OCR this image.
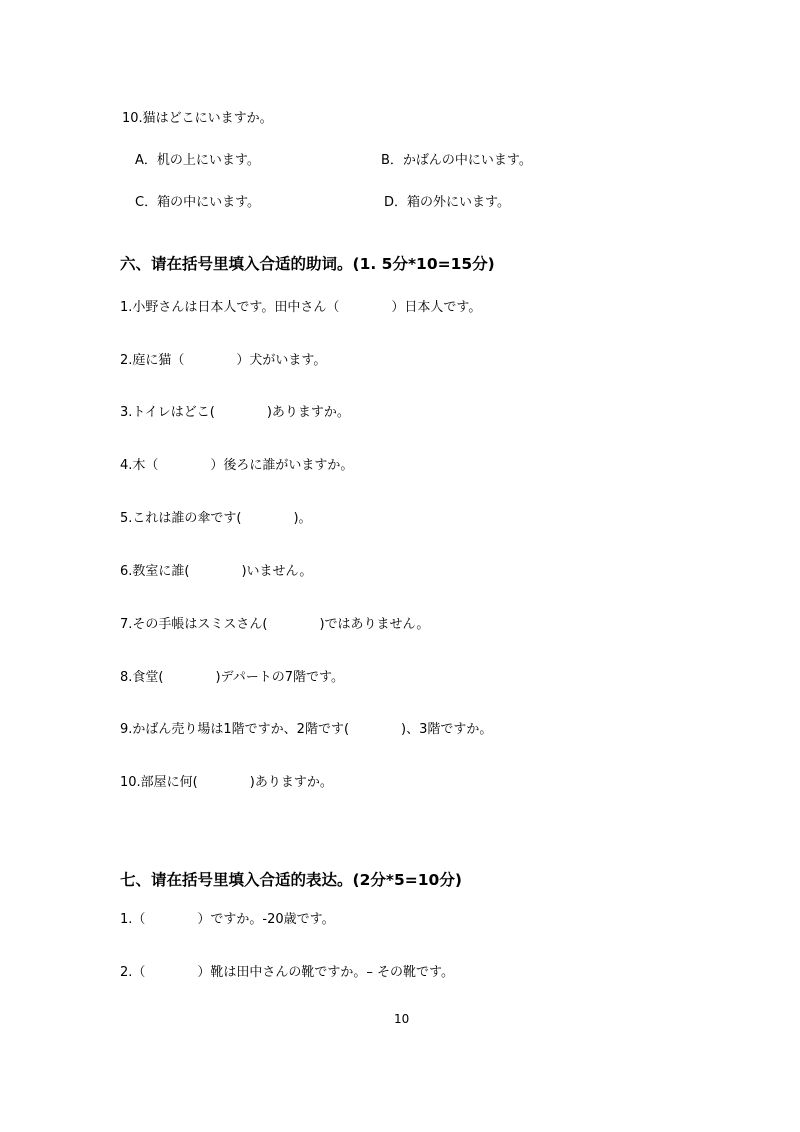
10.猫はどこにいますか。
A．机の上にいます。	B．かばんの中にいます。
C．箱の中にいます。	D．箱の外にいます。
六、请在括号里填入合适的助词。(1. 5分*10=15分)
1.小野さんは日本人です。田中さん（　　　　）日本人です。
2.庭に猫（　　　　）犬がいます。
3.トイレはどこ(　　　　)ありますか。
4.木（　　　　）後ろに誰がいますか。
5.これは誰の傘です(　　　　)。
6.教室に誰(　　　　)いません。
7.その手帳はスミスさん(　　　　)ではありません。
8.食堂(　　　　)デパートの7階です。
9.かばん売り場は1階ですか、2階です(　　　　)、3階ですか。
10.部屋に何(　　　　)ありますか。
七、请在括号里填入合适的表达。(2分*5=10分)
1.（　　　　）ですか。-20歳です。
2.（　　　　）靴は田中さんの靴ですか。– その靴です。
10
